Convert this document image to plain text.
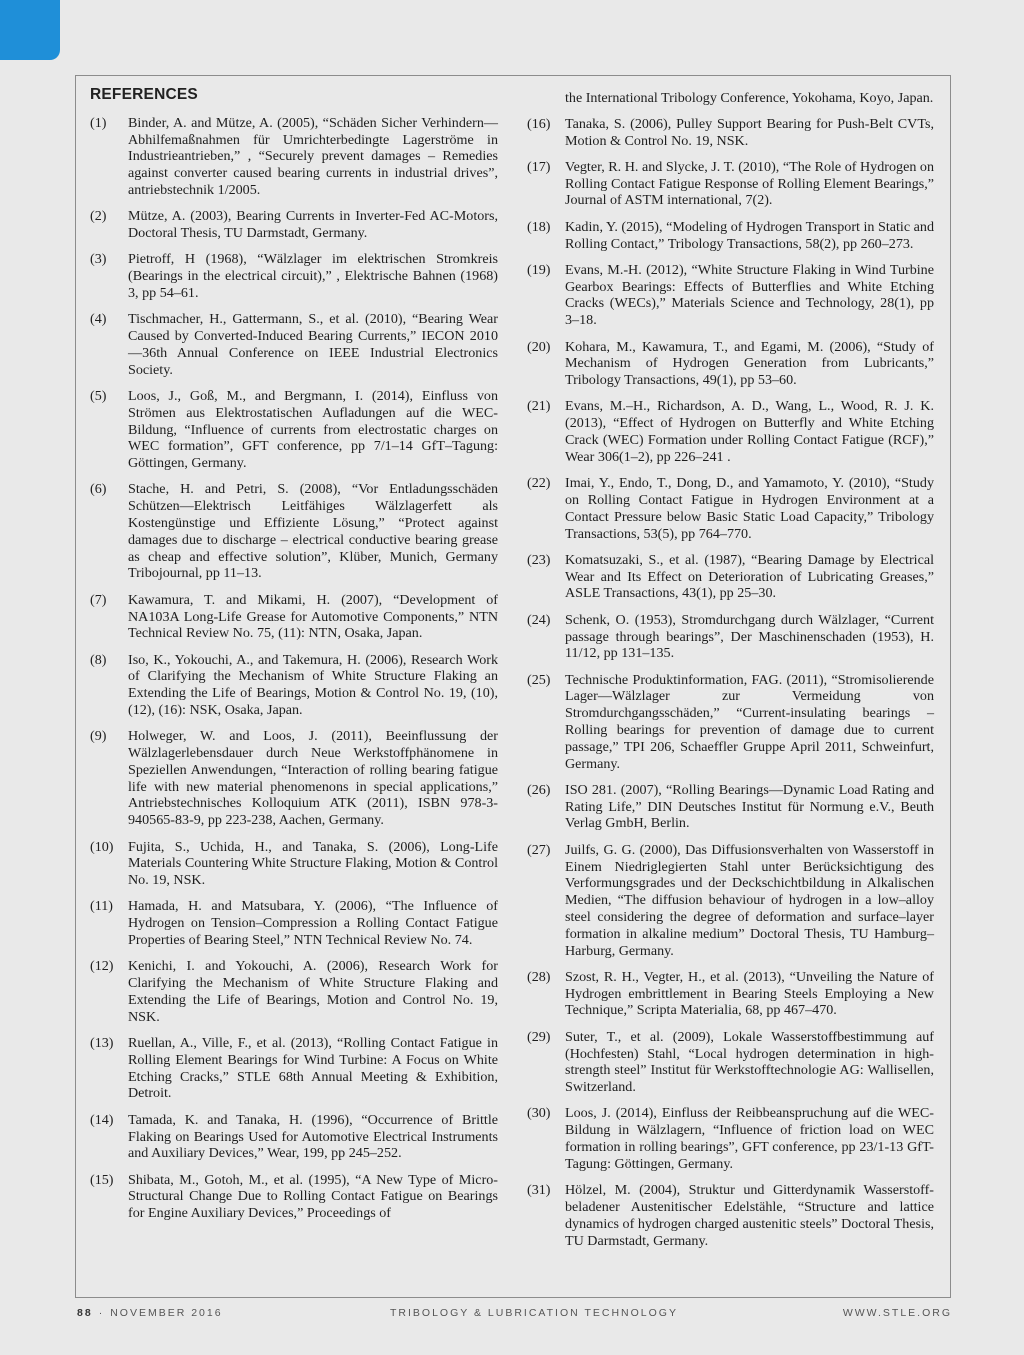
REFERENCES
(1)	Binder, A. and Mütze, A. (2005), “Schäden Sicher Verhindern—Abhilfemaßnahmen für Umrichterbedingte Lagerströme in Industrieantrieben,” , “Securely prevent damages – Remedies against converter caused bearing currents in industrial drives”, antriebstechnik 1/2005.
(2)	Mütze, A. (2003), Bearing Currents in Inverter-Fed AC-Motors, Doctoral Thesis, TU Darmstadt, Germany.
(3)	Pietroff, H (1968), “Wälzlager im elektrischen Stromkreis (Bearings in the electrical circuit),” , Elektrische Bahnen (1968) 3, pp 54–61.
(4)	Tischmacher, H., Gattermann, S., et al. (2010), “Bearing Wear Caused by Converted-Induced Bearing Currents,” IECON 2010—36th Annual Conference on IEEE Industrial Electronics Society.
(5)	Loos, J., Goß, M., and Bergmann, I. (2014), Einfluss von Strömen aus Elektrostatischen Aufladungen auf die WEC-Bildung, “Influence of currents from electrostatic charges on WEC formation”, GFT conference, pp 7/1–14 GfT–Tagung: Göttingen, Germany.
(6)	Stache, H. and Petri, S. (2008), “Vor Entladungsschäden Schützen—Elektrisch Leitfähiges Wälzlagerfett als Kostengünstige und Effiziente Lösung,” “Protect against damages due to discharge – electrical conductive bearing grease as cheap and effective solution”, Klüber, Munich, Germany Tribojournal, pp 11–13.
(7)	Kawamura, T. and Mikami, H. (2007), “Development of NA103A Long-Life Grease for Automotive Components,” NTN Technical Review No. 75, (11): NTN, Osaka, Japan.
(8)	Iso, K., Yokouchi, A., and Takemura, H. (2006), Research Work of Clarifying the Mechanism of White Structure Flaking an Extending the Life of Bearings, Motion & Control No. 19, (10), (12), (16): NSK, Osaka, Japan.
(9)	Holweger, W. and Loos, J. (2011), Beeinflussung der Wälzlagerlebensdauer durch Neue Werkstoffphänomene in Speziellen Anwendungen, “Interaction of rolling bearing fatigue life with new material phenomenons in special applications,” Antriebstechnisches Kolloquium ATK (2011), ISBN 978-3-940565-83-9, pp 223-238, Aachen, Germany.
(10)	Fujita, S., Uchida, H., and Tanaka, S. (2006), Long-Life Materials Countering White Structure Flaking, Motion & Control No. 19, NSK.
(11)	Hamada, H. and Matsubara, Y. (2006), “The Influence of Hydrogen on Tension–Compression a Rolling Contact Fatigue Properties of Bearing Steel,” NTN Technical Review No. 74.
(12)	Kenichi, I. and Yokouchi, A. (2006), Research Work for Clarifying the Mechanism of White Structure Flaking and Extending the Life of Bearings, Motion and Control No. 19, NSK.
(13)	Ruellan, A., Ville, F., et al. (2013), “Rolling Contact Fatigue in Rolling Element Bearings for Wind Turbine: A Focus on White Etching Cracks,” STLE 68th Annual Meeting & Exhibition, Detroit.
(14)	Tamada, K. and Tanaka, H. (1996), “Occurrence of Brittle Flaking on Bearings Used for Automotive Electrical Instruments and Auxiliary Devices,” Wear, 199, pp 245–252.
(15)	Shibata, M., Gotoh, M., et al. (1995), “A New Type of Micro-Structural Change Due to Rolling Contact Fatigue on Bearings for Engine Auxiliary Devices,” Proceedings of
the International Tribology Conference, Yokohama, Koyo, Japan.
(16)	Tanaka, S. (2006), Pulley Support Bearing for Push-Belt CVTs, Motion & Control No. 19, NSK.
(17)	Vegter, R. H. and Slycke, J. T. (2010), “The Role of Hydrogen on Rolling Contact Fatigue Response of Rolling Element Bearings,” Journal of ASTM international, 7(2).
(18)	Kadin, Y. (2015), “Modeling of Hydrogen Transport in Static and Rolling Contact,” Tribology Transactions, 58(2), pp 260–273.
(19)	Evans, M.-H. (2012), “White Structure Flaking in Wind Turbine Gearbox Bearings: Effects of Butterflies and White Etching Cracks (WECs),” Materials Science and Technology, 28(1), pp 3–18.
(20)	Kohara, M., Kawamura, T., and Egami, M. (2006), “Study of Mechanism of Hydrogen Generation from Lubricants,” Tribology Transactions, 49(1), pp 53–60.
(21)	Evans, M.–H., Richardson, A. D., Wang, L., Wood, R. J. K. (2013), “Effect of Hydrogen on Butterfly and White Etching Crack (WEC) Formation under Rolling Contact Fatigue (RCF),” Wear 306(1–2), pp 226–241 .
(22)	Imai, Y., Endo, T., Dong, D., and Yamamoto, Y. (2010), “Study on Rolling Contact Fatigue in Hydrogen Environment at a Contact Pressure below Basic Static Load Capacity,” Tribology Transactions, 53(5), pp 764–770.
(23)	Komatsuzaki, S., et al. (1987), “Bearing Damage by Electrical Wear and Its Effect on Deterioration of Lubricating Greases,” ASLE Transactions, 43(1), pp 25–30.
(24)	Schenk, O. (1953), Stromdurchgang durch Wälzlager, “Current passage through bearings”, Der Maschinenschaden (1953), H. 11/12, pp 131–135.
(25)	Technische Produktinformation, FAG. (2011), “Stromisolierende Lager—Wälzlager zur Vermeidung von Stromdurchgangsschäden,” “Current-insulating bearings – Rolling bearings for prevention of damage due to current passage,” TPI 206, Schaeffler Gruppe April 2011, Schweinfurt, Germany.
(26)	ISO 281. (2007), “Rolling Bearings—Dynamic Load Rating and Rating Life,” DIN Deutsches Institut für Normung e.V., Beuth Verlag GmbH, Berlin.
(27)	Juilfs, G. G. (2000), Das Diffusionsverhalten von Wasserstoff in Einem Niedriglegierten Stahl unter Berücksichtigung des Verformungsgrades und der Deckschichtbildung in Alkalischen Medien, “The diffusion behaviour of hydrogen in a low–alloy steel considering the degree of deformation and surface–layer formation in alkaline medium” Doctoral Thesis, TU Hamburg–Harburg, Germany.
(28)	Szost, R. H., Vegter, H., et al. (2013), “Unveiling the Nature of Hydrogen embrittlement in Bearing Steels Employing a New Technique,” Scripta Materialia, 68, pp 467–470.
(29)	Suter, T., et al. (2009), Lokale Wasserstoffbestimmung auf (Hochfesten) Stahl, “Local hydrogen determination in high-strength steel” Institut für Werkstofftechnologie AG: Wallisellen, Switzerland.
(30)	Loos, J. (2014), Einfluss der Reibbeanspruchung auf die WEC-Bildung in Wälzlagern, “Influence of friction load on WEC formation in rolling bearings”, GFT conference, pp 23/1-13 GfT-Tagung: Göttingen, Germany.
(31)	Hölzel, M. (2004), Struktur und Gitterdynamik Wasserstoff-beladener Austenitischer Edelstähle, “Structure and lattice dynamics of hydrogen charged austenitic steels” Doctoral Thesis, TU Darmstadt, Germany.
88 · NOVEMBER 2016	TRIBOLOGY & LUBRICATION TECHNOLOGY	WWW.STLE.ORG
